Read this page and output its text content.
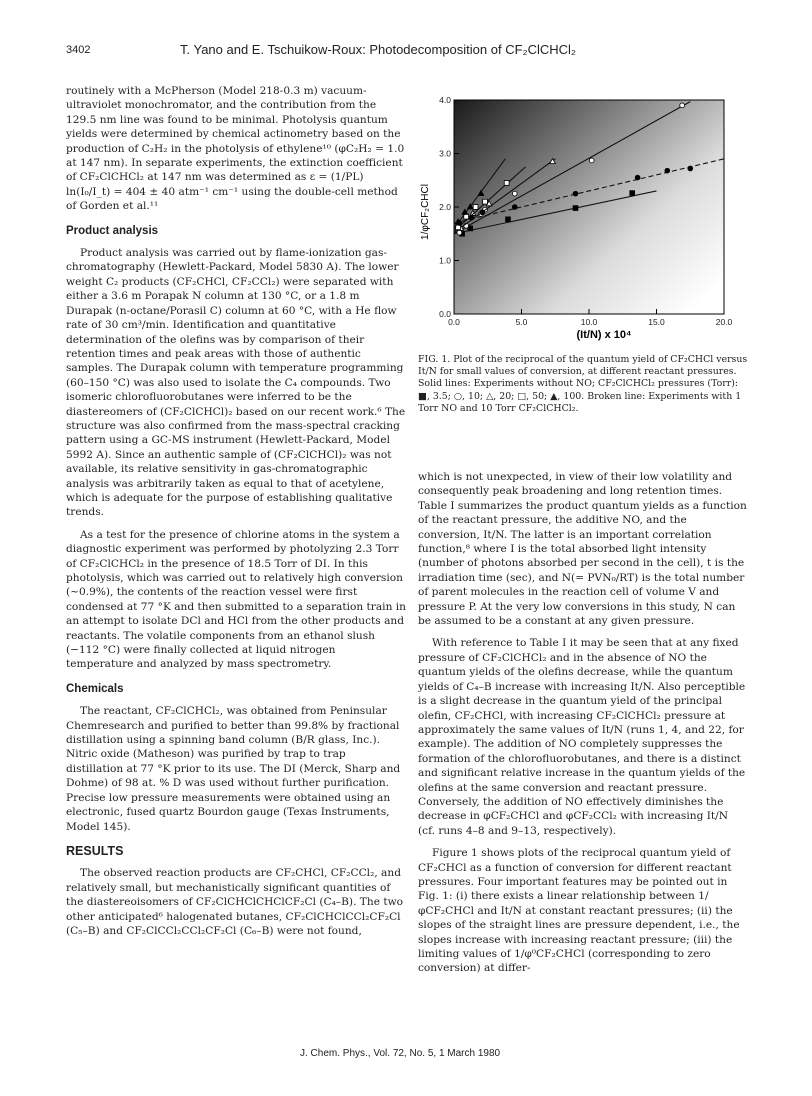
3402	T. Yano and E. Tschuikow-Roux: Photodecomposition of CF₂ClCHCl₂

routinely with a McPherson (Model 218-0.3 m) vacuum-ultraviolet monochromator, and the contribution from the 129.5 nm line was found to be minimal. Photolysis quantum yields were determined by chemical actinometry based on the production of C₂H₂ in the photolysis of ethylene¹⁰ (φC₂H₂ = 1.0 at 147 nm). In separate experiments, the extinction coefficient of CF₂ClCHCl₂ at 147 nm was determined as ε = (1/PL) ln(I₀/I_t) = 404 ± 40 atm⁻¹ cm⁻¹ using the double-cell method of Gorden et al.¹¹

Product analysis

Product analysis was carried out by flame-ionization gas-chromatography (Hewlett-Packard, Model 5830 A). The lower weight C₂ products (CF₂CHCl, CF₂CCl₂) were separated with either a 3.6 m Porapak N column at 130 °C, or a 1.8 m Durapak (n-octane/Porasil C) column at 60 °C, with a He flow rate of 30 cm³/min. Identification and quantitative determination of the olefins was by comparison of their retention times and peak areas with those of authentic samples. The Durapak column with temperature programming (60–150 °C) was also used to isolate the C₄ compounds. Two isomeric chlorofluorobutanes were inferred to be the diastereomers of (CF₂ClCHCl)₂ based on our recent work.⁶ The structure was also confirmed from the mass-spectral cracking pattern using a GC-MS instrument (Hewlett-Packard, Model 5992 A). Since an authentic sample of (CF₂ClCHCl)₂ was not available, its relative sensitivity in gas-chromatographic analysis was arbitrarily taken as equal to that of acetylene, which is adequate for the purpose of establishing qualitative trends.

As a test for the presence of chlorine atoms in the system a diagnostic experiment was performed by photolyzing 2.3 Torr of CF₂ClCHCl₂ in the presence of 18.5 Torr of DI. In this photolysis, which was carried out to relatively high conversion (~0.9%), the contents of the reaction vessel were first condensed at 77 °K and then submitted to a separation train in an attempt to isolate DCl and HCl from the other products and reactants. The volatile components from an ethanol slush (−112 °C) were finally collected at liquid nitrogen temperature and analyzed by mass spectrometry.

Chemicals

The reactant, CF₂ClCHCl₂, was obtained from Peninsular Chemresearch and purified to better than 99.8% by fractional distillation using a spinning band column (B/R glass, Inc.). Nitric oxide (Matheson) was purified by trap to trap distillation at 77 °K prior to its use. The DI (Merck, Sharp and Dohme) of 98 at. % D was used without further purification. Precise low pressure measurements were obtained using an electronic, fused quartz Bourdon gauge (Texas Instruments, Model 145).

RESULTS

The observed reaction products are CF₂CHCl, CF₂CCl₂, and relatively small, but mechanistically significant quantities of the diastereoisomers of CF₂ClCHClCHClCF₂Cl (C₄–B). The two other anticipated⁶ halogenated butanes, CF₂ClCHClCCl₂CF₂Cl (C₅–B) and CF₂ClCCl₂CCl₂CF₂Cl (C₆–B) were not found,

0.0	5.0	10.0	15.0	20.0
0.0
1.0
2.0
3.0
4.0
1/φCF₂CHCl
(It/N) x 10⁴
FIG. 1. Plot of the reciprocal of the quantum yield of CF₂CHCl versus It/N for small values of conversion, at different reactant pressures. Solid lines: Experiments without NO; CF₂ClCHCl₂ pressures (Torr): ■, 3.5; ○, 10; △, 20; □, 50; ▲, 100. Broken line: Experiments with 1 Torr NO and 10 Torr CF₂ClCHCl₂.

which is not unexpected, in view of their low volatility and consequently peak broadening and long retention times. Table I summarizes the product quantum yields as a function of the reactant pressure, the additive NO, and the conversion, It/N. The latter is an important correlation function,⁸ where I is the total absorbed light intensity (number of photons absorbed per second in the cell), t is the irradiation time (sec), and N(= PVN₀/RT) is the total number of parent molecules in the reaction cell of volume V and pressure P. At the very low conversions in this study, N can be assumed to be a constant at any given pressure.

With reference to Table I it may be seen that at any fixed pressure of CF₂ClCHCl₂ and in the absence of NO the quantum yields of the olefins decrease, while the quantum yields of C₄–B increase with increasing It/N. Also perceptible is a slight decrease in the quantum yield of the principal olefin, CF₂CHCl, with increasing CF₂ClCHCl₂ pressure at approximately the same values of It/N (runs 1, 4, and 22, for example). The addition of NO completely suppresses the formation of the chlorofluorobutanes, and there is a distinct and significant relative increase in the quantum yields of the olefins at the same conversion and reactant pressure. Conversely, the addition of NO effectively diminishes the decrease in φCF₂CHCl and φCF₂CCl₂ with increasing It/N (cf. runs 4–8 and 9–13, respectively).

Figure 1 shows plots of the reciprocal quantum yield of CF₂CHCl as a function of conversion for different reactant pressures. Four important features may be pointed out in Fig. 1: (i) there exists a linear relationship between 1/φCF₂CHCl and It/N at constant reactant pressures; (ii) the slopes of the straight lines are pressure dependent, i.e., the slopes increase with increasing reactant pressure; (iii) the limiting values of 1/φ⁰CF₂CHCl (corresponding to zero conversion) at differ-

J. Chem. Phys., Vol. 72, No. 5, 1 March 1980
